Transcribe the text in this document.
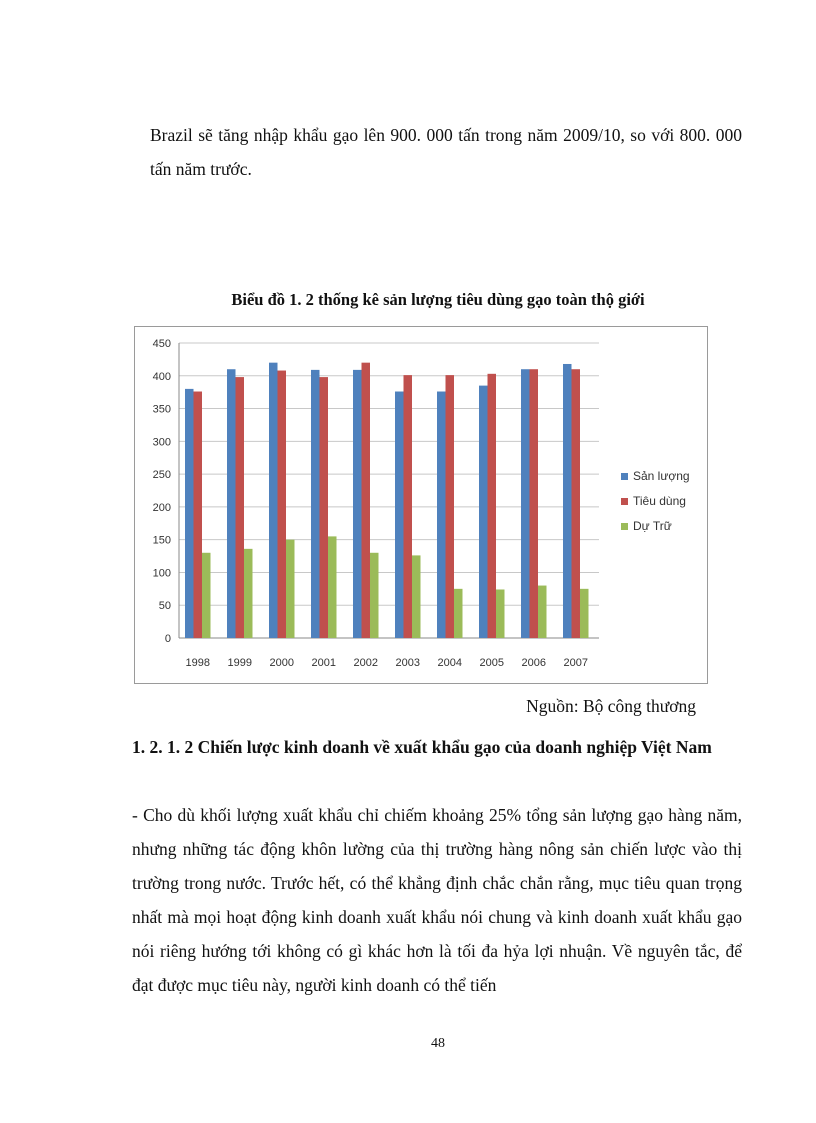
Brazil sẽ tăng nhập khẩu gạo lên 900. 000 tấn trong năm 2009/10, so với 800. 000 tấn năm trước.
Biểu đồ 1. 2 thống kê sản lượng tiêu dùng gạo toàn thộ giới
0
50
100
150
200
250
300
350
400
450
1998 1999 2000 2001 2002 2003 2004 2005 2006 2007
Sản lượng
Tiêu dùng
Dự Trữ
Nguồn: Bộ công thương
1. 2. 1. 2 Chiến lược kinh doanh về xuất khẩu gạo của doanh nghiệp Việt Nam
- Cho dù khối lượng xuất khẩu chỉ chiếm khoảng 25% tổng sản lượng gạo hàng năm, nhưng những tác động khôn lường của thị trường hàng nông sản chiến lược vào thị trường trong nước. Trước hết, có thể khẳng định chắc chắn rằng, mục tiêu quan trọng nhất mà mọi hoạt động kinh doanh xuất khẩu nói chung và kinh doanh xuất khẩu gạo nói riêng hướng tới không có gì khác hơn là tối đa hỷa lợi nhuận. Về nguyên tắc, để đạt được mục tiêu này, người kinh doanh có thể tiến
48
